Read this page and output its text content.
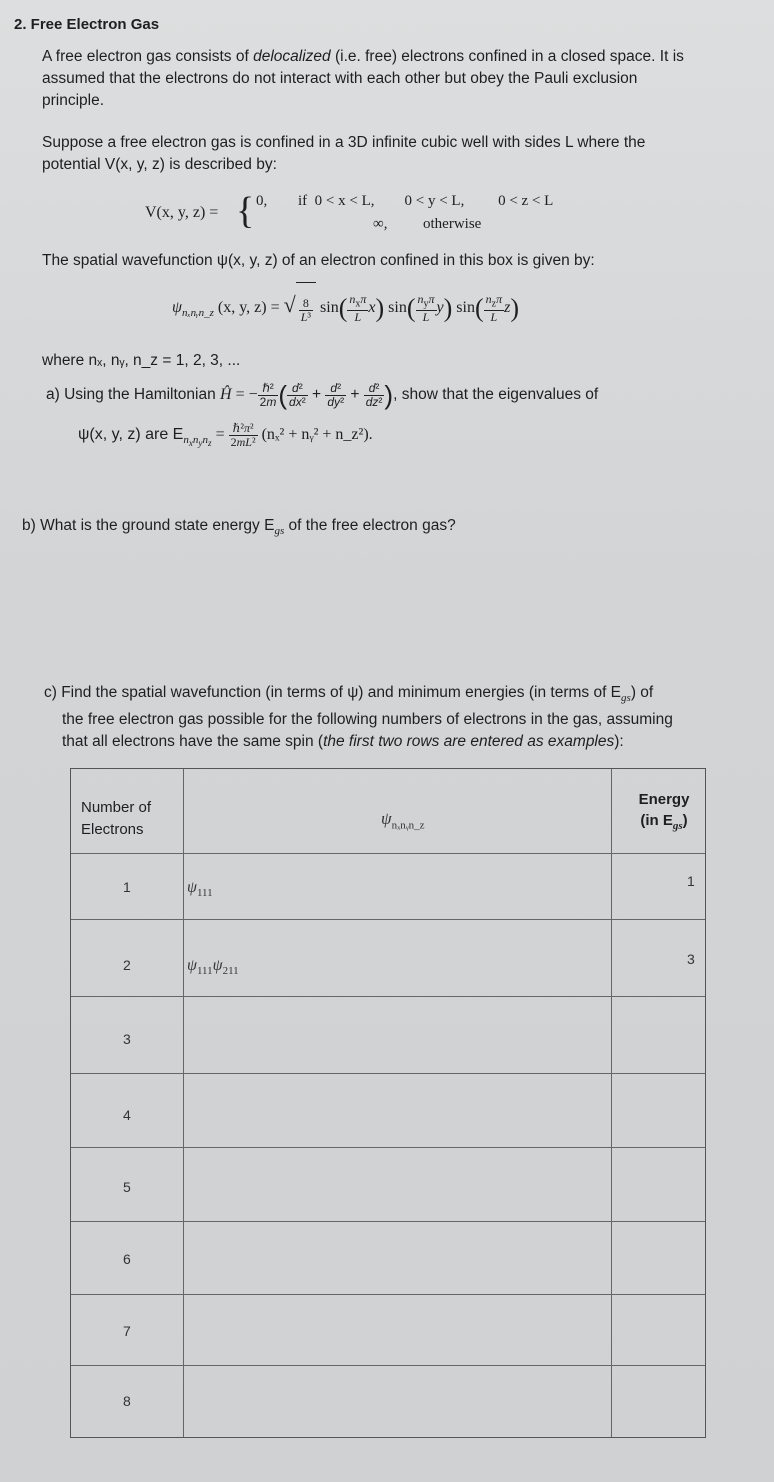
2. Free Electron Gas
A free electron gas consists of delocalized (i.e. free) electrons confined in a closed space. It is
assumed that the electrons do not interact with each other but obey the Pauli exclusion
principle.
Suppose a free electron gas is confined in a 3D infinite cubic well with sides L where the
potential V(x, y, z) is described by:
V(x, y, z) = { 0, if  0 < x < L,        0 < y < L,         0 < z < L
∞, otherwise
The spatial wavefunction ψ(x, y, z) of an electron confined in this box is given by:
$\psi_{n_xnᵧn\_z}$ (x, y, z) = √ $\frac{8}{\text{L³}} \sin( \frac{n_x\pi}{L} x)$ $\sin( \frac{n_y\pi}{L} y)$ $\sin( \frac{n_z\pi}{L} z)$
where nₓ, nᵧ, n_z = 1, 2, 3, ...
a) Using the Hamiltonian Ĥ = − $\frac{\text{ℏ²}}{2m}$ ( $\frac{\text{d²}}{\text{dx²}} + \frac{\text{d²}}{\text{dy²}} + \frac{\text{d²}}{\text{dz²}}$ ), show that the eigenvalues of
ψ(x, y, z) are $E_{n_xn_yn_z} = \frac{\text{ℏ²π²}}{\text{2mL²}} (n_x^2$ + nᵧ² + n_z²).
b) What is the ground state energy $E_{gs}$ of the free electron gas?
c) Find the spatial wavefunction (in terms of ψ) and minimum energies (in terms of $E_{gs}$) of
the free electron gas possible for the following numbers of electrons in the gas, assuming
that all electrons have the same spin (the first two rows are entered as examples):
Number of
Electrons
$\psi_{n_xnᵧn\_z}$
Energy
(in $E_{gs}$)
1	$\psi_{111}$
1
2	$\psi_{111}\psi_{211}$
3
3
4
5
6
7
8
